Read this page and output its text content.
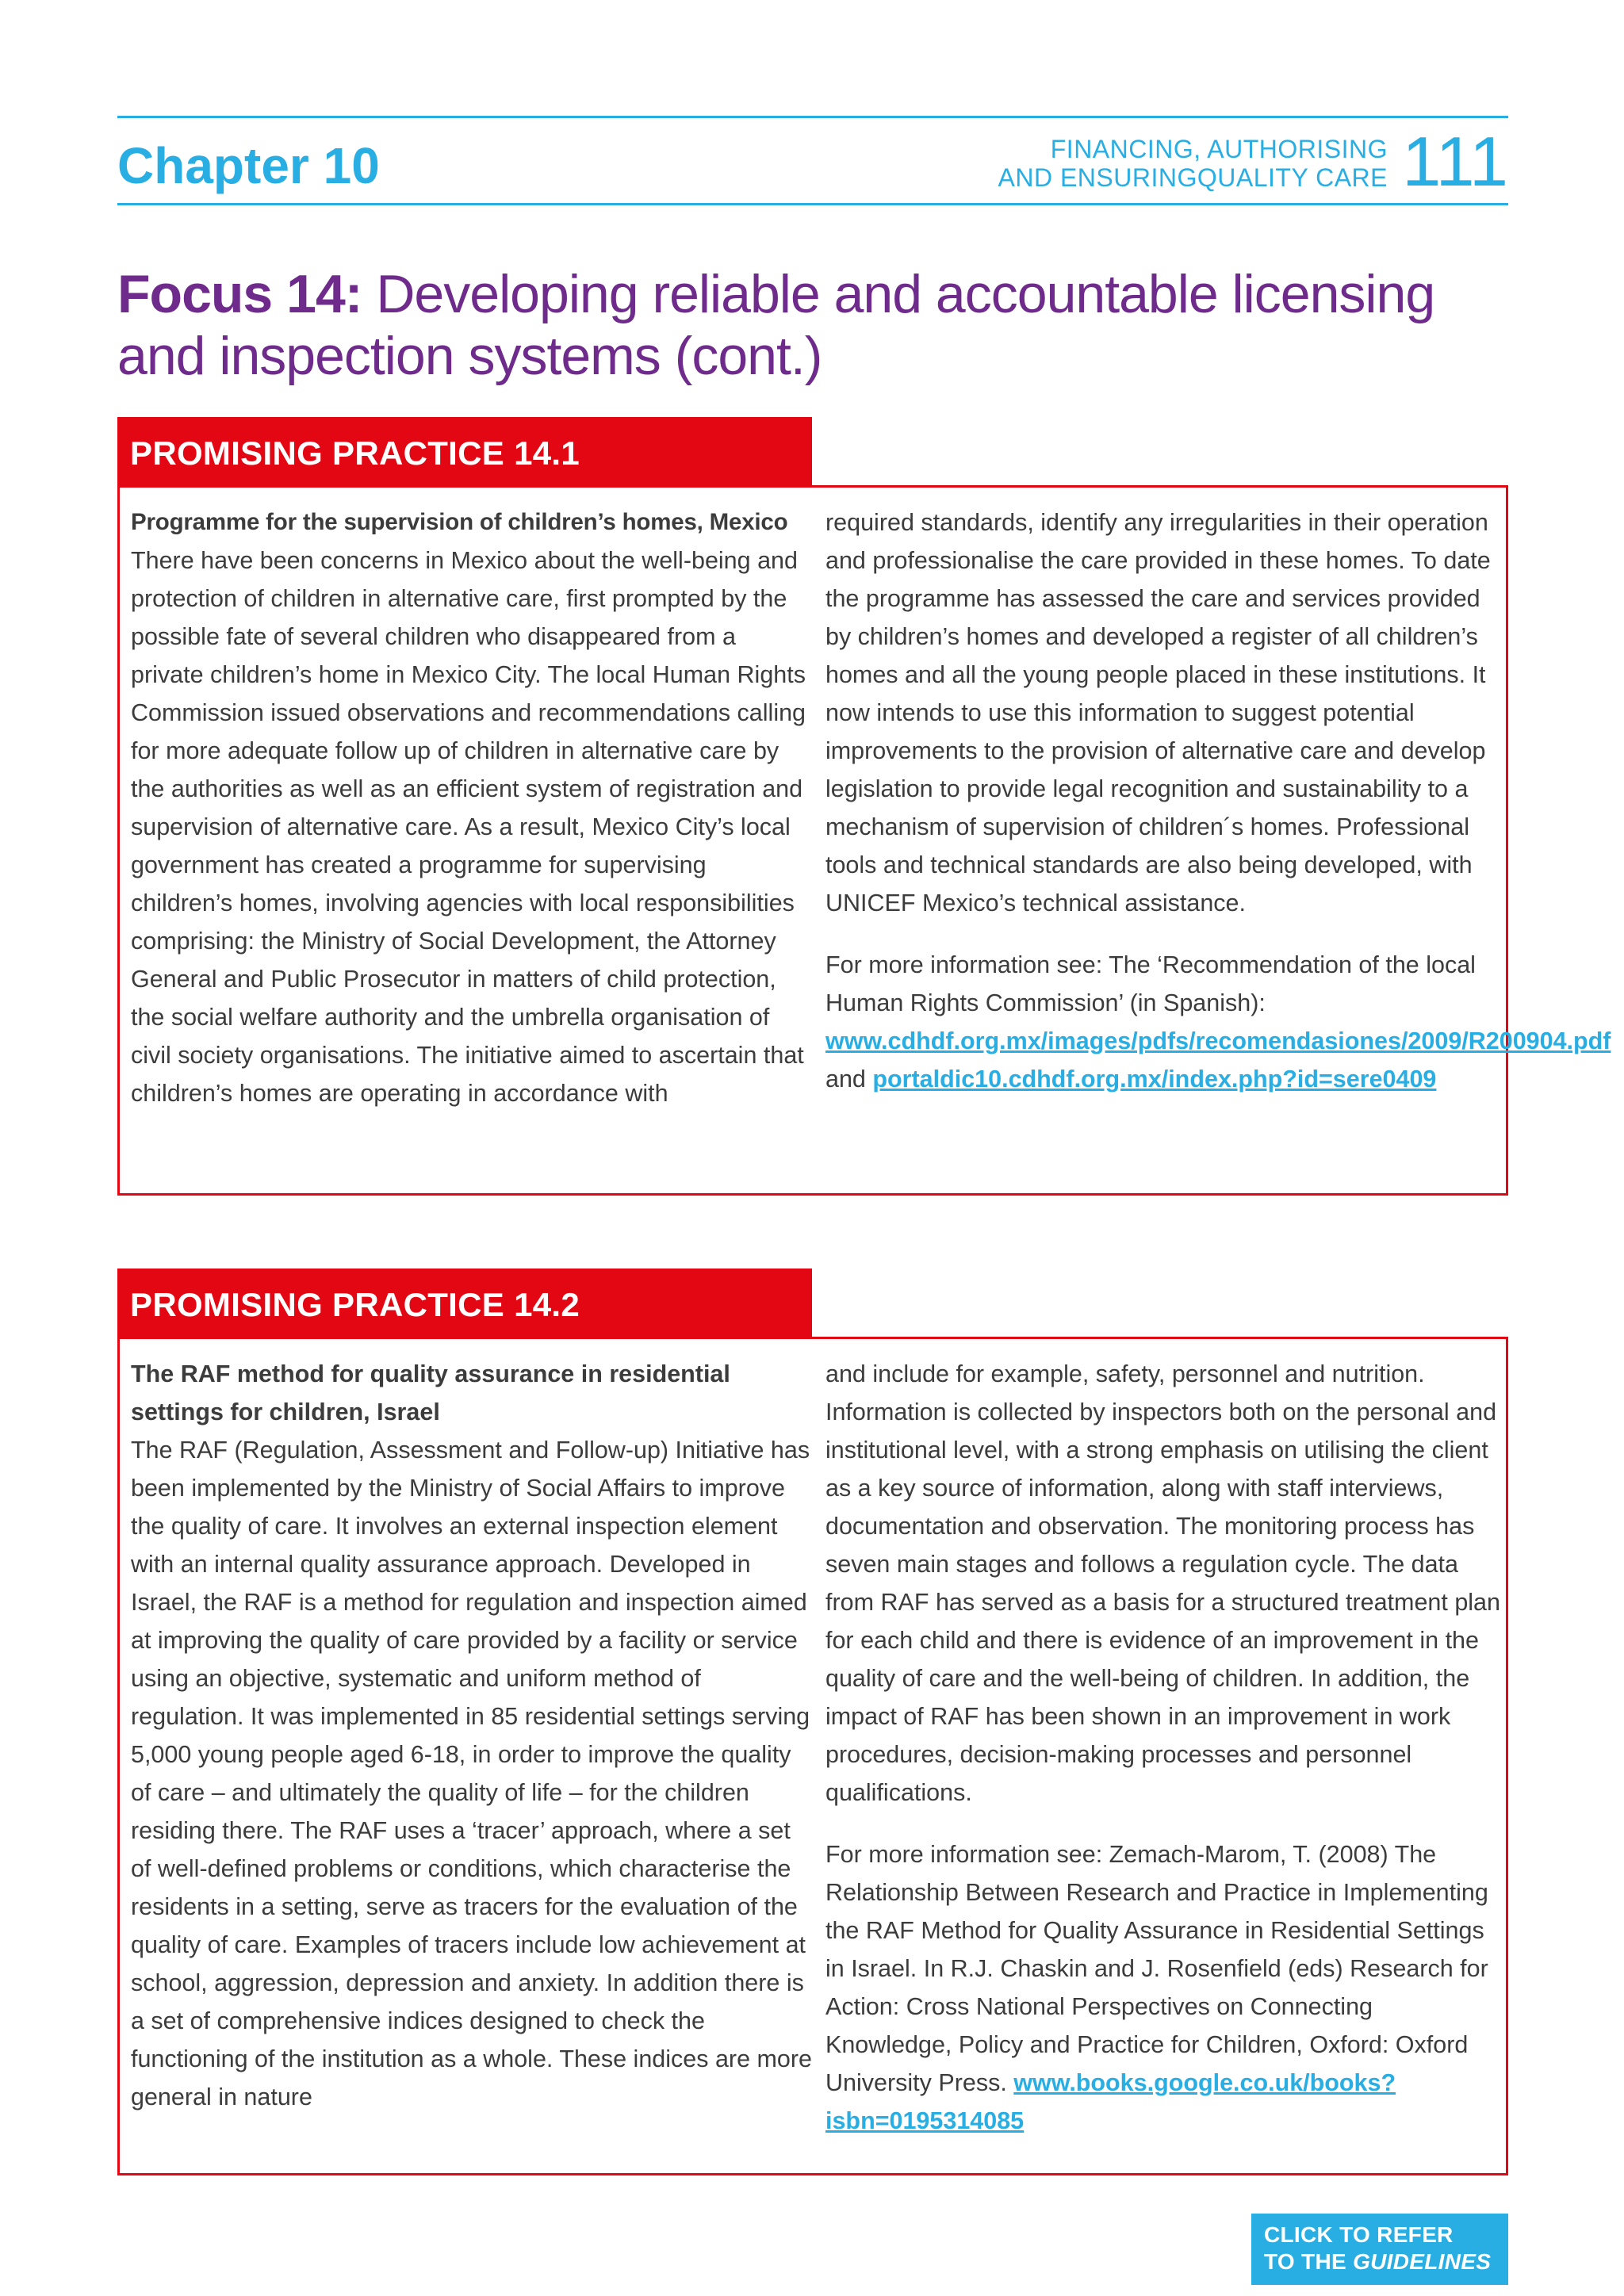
Chapter 10	FINANCING, AUTHORISING
AND ENSURINGQUALITY CARE 111
Focus 14: Developing reliable and accountable licensing and inspection systems (cont.)
PROMISING PRACTICE 14.1
Programme for the supervision of children’s homes, Mexico
There have been concerns in Mexico about the well-being and protection of children in alternative care, first prompted by the possible fate of several children who disappeared from a private children’s home in Mexico City. The local Human Rights Commission issued observations and recommendations calling for more adequate follow up of children in alternative care by the authorities as well as an efficient system of registration and supervision of alternative care. As a result, Mexico City’s local government has created a programme for supervising children’s homes, involving agencies with local responsibilities comprising: the Ministry of Social Development, the Attorney General and Public Prosecutor in matters of child protection, the social welfare authority and the umbrella organisation of civil society organisations. The initiative aimed to ascertain that children’s homes are operating in accordance with

required standards, identify any irregularities in their operation and professionalise the care provided in these homes. To date the programme has assessed the care and services provided by children’s homes and developed a register of all children’s homes and all the young people placed in these institutions. It now intends to use this information to suggest potential improvements to the provision of alternative care and develop legislation to provide legal recognition and sustainability to a mechanism of supervision of children´s homes. Professional tools and technical standards are also being developed, with UNICEF Mexico’s technical assistance.

For more information see: The ‘Recommendation of the local Human Rights Commission’ (in Spanish): www.cdhdf.org.mx/images/pdfs/recomendasiones/2009/R200904.pdf and portaldic10.cdhdf.org.mx/index.php?id=sere0409

PROMISING PRACTICE 14.2
The RAF method for quality assurance in residential settings for children, Israel
The RAF (Regulation, Assessment and Follow-up) Initiative has been implemented by the Ministry of Social Affairs to improve the quality of care. It involves an external inspection element with an internal quality assurance approach. Developed in Israel, the RAF is a method for regulation and inspection aimed at improving the quality of care provided by a facility or service using an objective, systematic and uniform method of regulation. It was implemented in 85 residential settings serving 5,000 young people aged 6-18, in order to improve the quality of care – and ultimately the quality of life – for the children residing there. The RAF uses a ‘tracer’ approach, where a set of well-defined problems or conditions, which characterise the residents in a setting, serve as tracers for the evaluation of the quality of care. Examples of tracers include low achievement at school, aggression, depression and anxiety. In addition there is a set of comprehensive indices designed to check the functioning of the institution as a whole. These indices are more general in nature

and include for example, safety, personnel and nutrition. Information is collected by inspectors both on the personal and institutional level, with a strong emphasis on utilising the client as a key source of information, along with staff interviews, documentation and observation. The monitoring process has seven main stages and follows a regulation cycle. The data from RAF has served as a basis for a structured treatment plan for each child and there is evidence of an improvement in the quality of care and the well-being of children. In addition, the impact of RAF has been shown in an improvement in work procedures, decision-making processes and personnel qualifications.

For more information see: Zemach-Marom, T. (2008) The Relationship Between Research and Practice in Implementing the RAF Method for Quality Assurance in Residential Settings in Israel. In R.J. Chaskin and J. Rosenfield (eds) Research for Action: Cross National Perspectives on Connecting Knowledge, Policy and Practice for Children, Oxford: Oxford University Press. www.books.google.co.uk/books?isbn=0195314085

CLICK TO REFER
TO THE GUIDELINES
